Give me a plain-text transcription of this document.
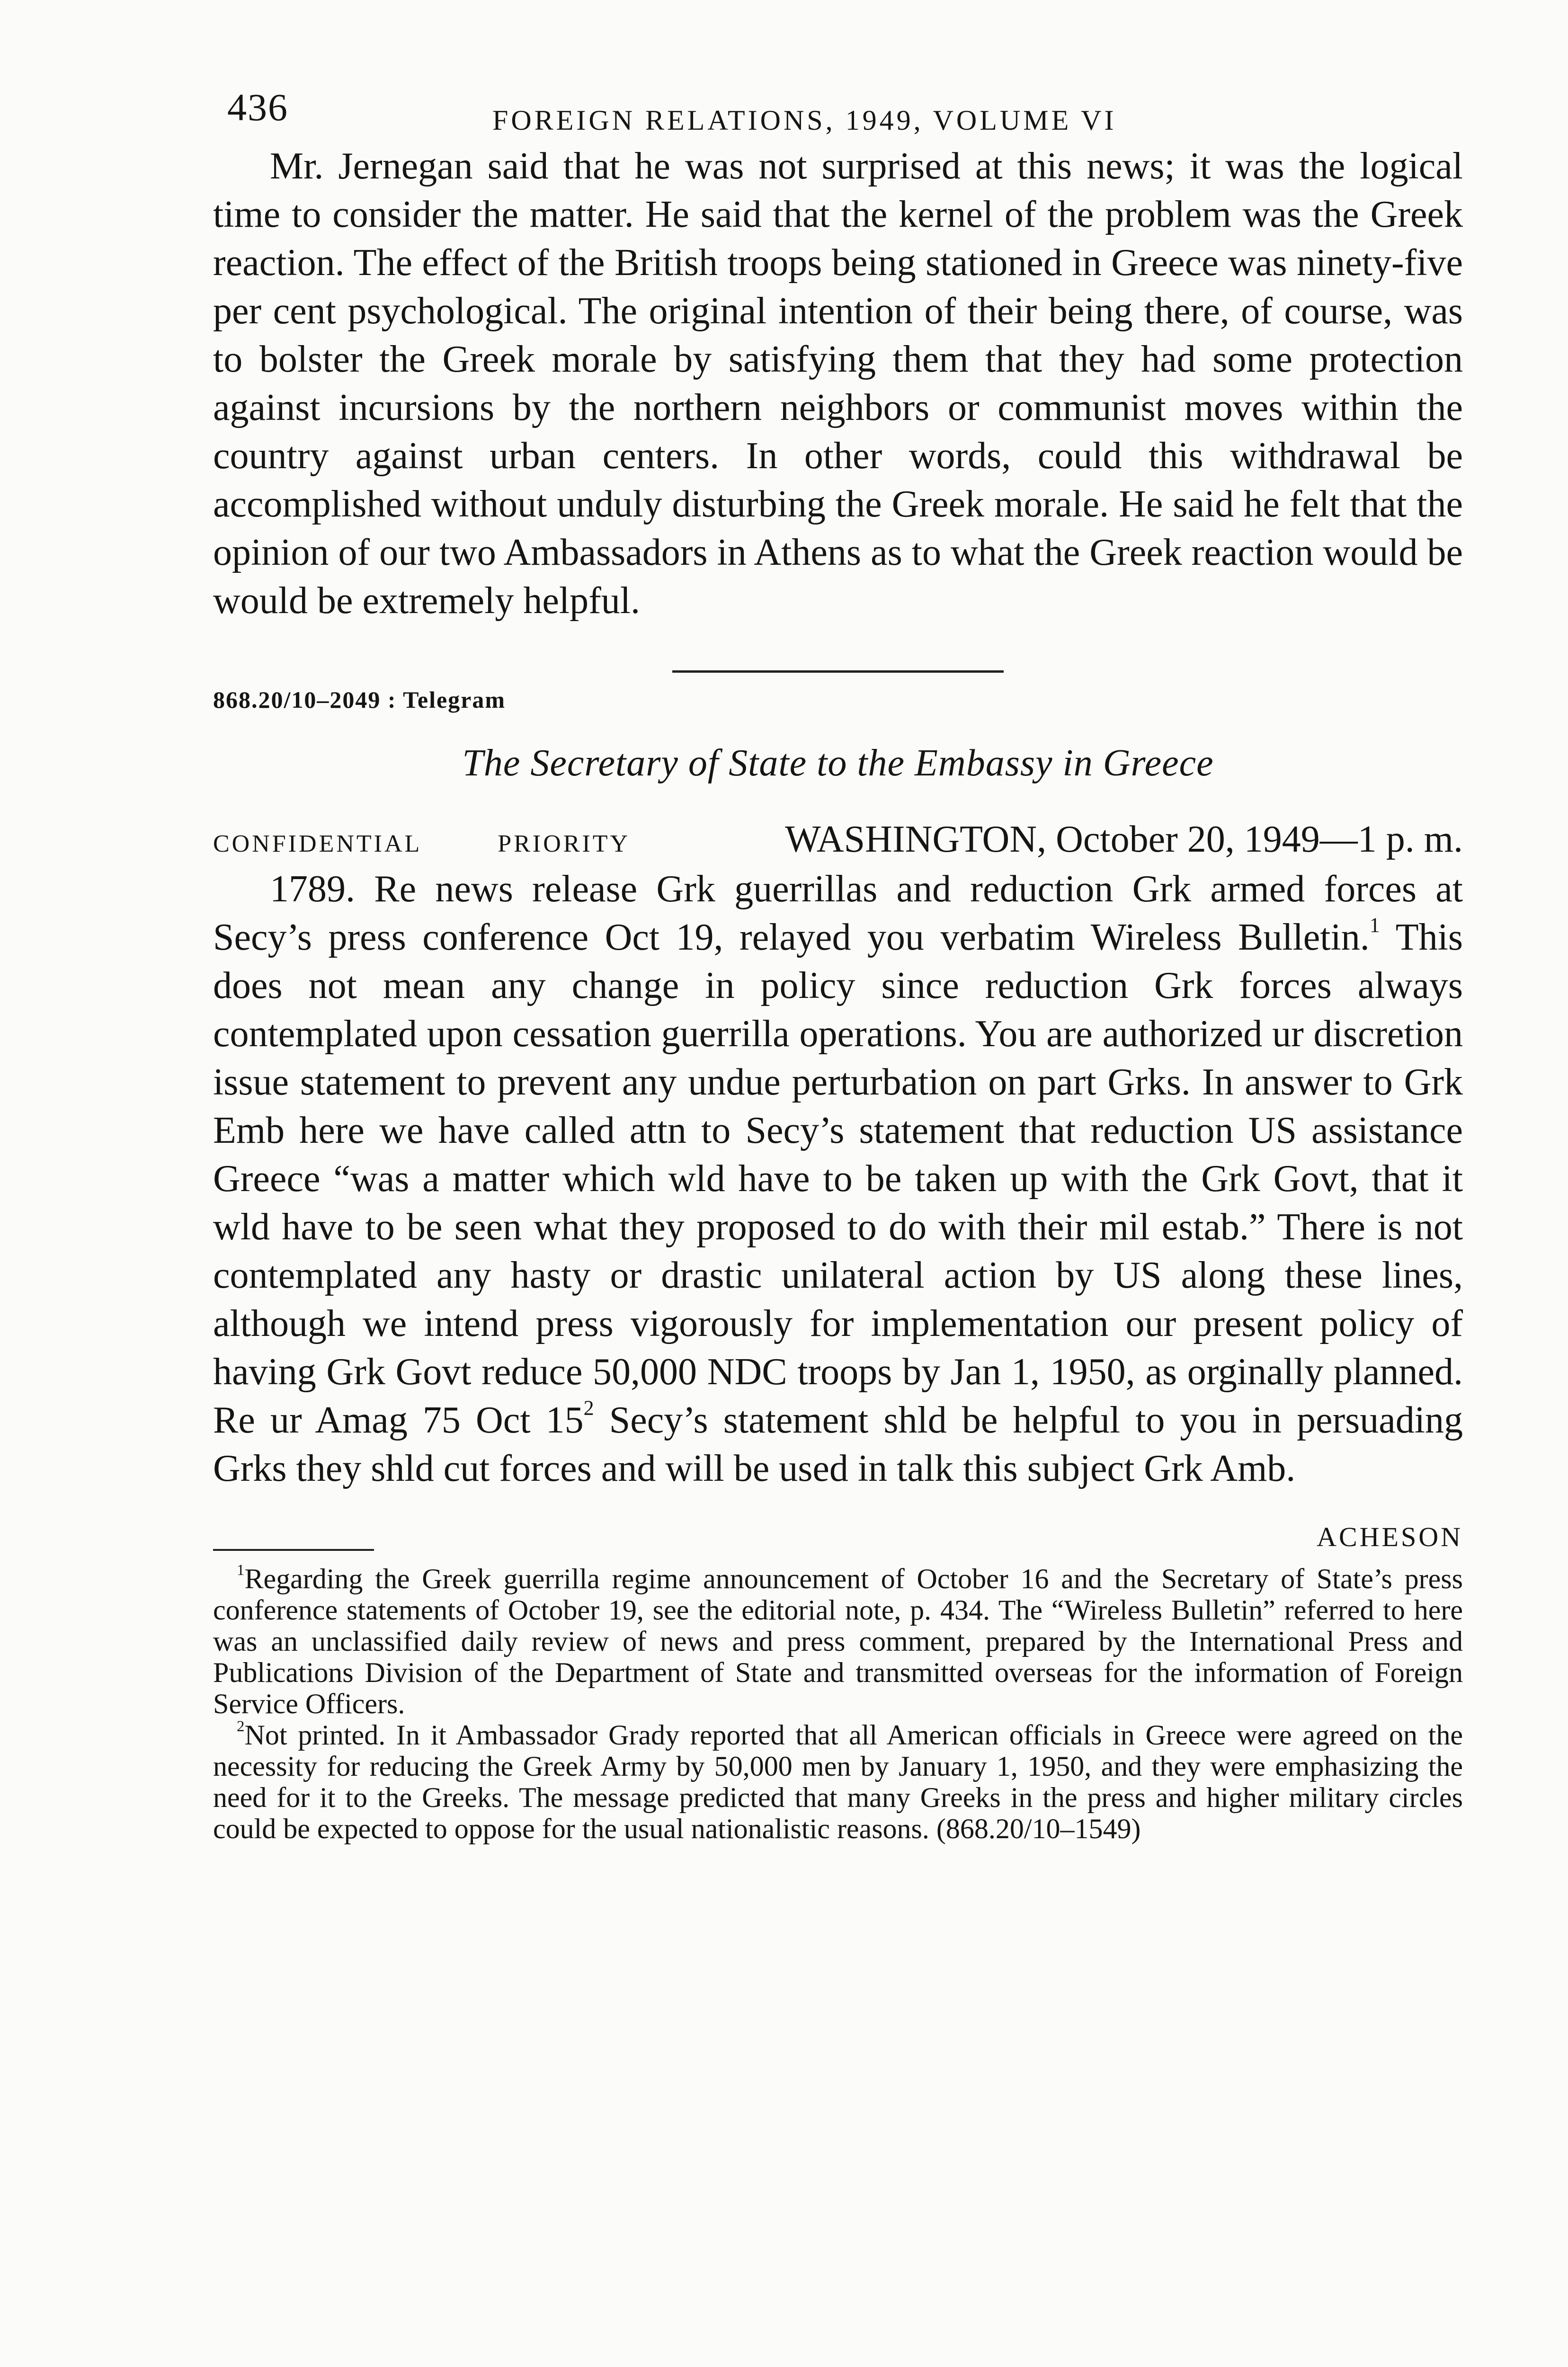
436	FOREIGN RELATIONS, 1949, VOLUME VI

Mr. Jernegan said that he was not surprised at this news; it was the logical time to consider the matter. He said that the kernel of the problem was the Greek reaction. The effect of the British troops being stationed in Greece was ninety-five per cent psychological. The original intention of their being there, of course, was to bolster the Greek morale by satisfying them that they had some protection against incursions by the northern neighbors or communist moves within the country against urban centers. In other words, could this withdrawal be accomplished without unduly disturbing the Greek morale. He said he felt that the opinion of our two Ambassadors in Athens as to what the Greek reaction would be would be extremely helpful.

868.20/10–2049 : Telegram
The Secretary of State to the Embassy in Greece
CONFIDENTIAL	PRIORITY	WASHINGTON, October 20, 1949—1 p. m.

1789. Re news release Grk guerrillas and reduction Grk armed forces at Secy’s press conference Oct 19, relayed you verbatim Wireless Bulletin.$^1$ This does not mean any change in policy since reduction Grk forces always contemplated upon cessation guerrilla operations. You are authorized ur discretion issue statement to prevent any undue perturbation on part Grks. In answer to Grk Emb here we have called attn to Secy’s statement that reduction US assistance Greece “was a matter which wld have to be taken up with the Grk Govt, that it wld have to be seen what they proposed to do with their mil estab.” There is not contemplated any hasty or drastic unilateral action by US along these lines, although we intend press vigorously for implementation our present policy of having Grk Govt reduce 50,000 NDC troops by Jan 1, 1950, as orginally planned. Re ur Amag 75 Oct $15^2$ Secy’s statement shld be helpful to you in persuading Grks they shld cut forces and will be used in talk this subject Grk Amb.

ACHESON

$^1$Regarding the Greek guerrilla regime announcement of October 16 and the Secretary of State’s press conference statements of October 19, see the editorial note, p. 434. The “Wireless Bulletin” referred to here was an unclassified daily review of news and press comment, prepared by the International Press and Publications Division of the Department of State and transmitted overseas for the information of Foreign Service Officers.

$^2$Not printed. In it Ambassador Grady reported that all American officials in Greece were agreed on the necessity for reducing the Greek Army by 50,000 men by January 1, 1950, and they were emphasizing the need for it to the Greeks. The message predicted that many Greeks in the press and higher military circles could be expected to oppose for the usual nationalistic reasons. (868.20/10–1549)
